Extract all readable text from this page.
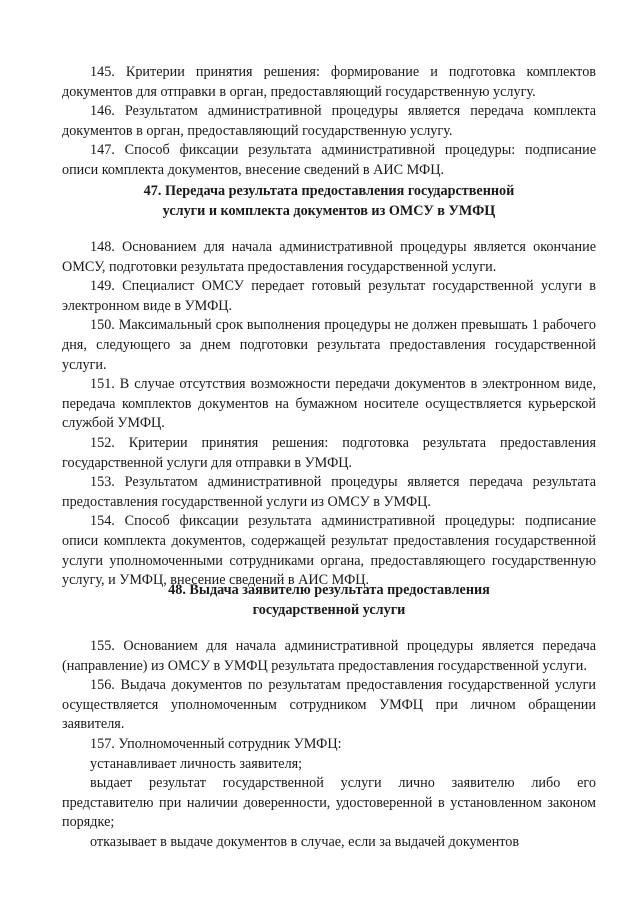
145. Критерии принятия решения: формирование и подготовка комплектов документов для отправки в орган, предоставляющий государственную услугу.

146. Результатом административной процедуры является передача комплекта документов в орган, предоставляющий государственную услугу.

147. Способ фиксации результата административной процедуры: подписание описи комплекта документов, внесение сведений в АИС МФЦ.

47. Передача результата предоставления государственной

услуги и комплекта документов из ОМСУ в УМФЦ

148. Основанием для начала административной процедуры является окончание ОМСУ, подготовки результата предоставления государственной услуги.

149. Специалист ОМСУ передает готовый результат государственной услуги в электронном виде в УМФЦ.

150. Максимальный срок выполнения процедуры не должен превышать 1 рабочего дня, следующего за днем подготовки результата предоставления государственной услуги.

151. В случае отсутствия возможности передачи документов в электронном виде, передача комплектов документов на бумажном носителе осуществляется курьерской службой УМФЦ.

152. Критерии принятия решения: подготовка результата предоставления государственной услуги для отправки в УМФЦ.

153. Результатом административной процедуры является передача результата предоставления государственной услуги из ОМСУ в УМФЦ.

154. Способ фиксации результата административной процедуры: подписание описи комплекта документов, содержащей результат предоставления государственной услуги уполномоченными сотрудниками органа, предоставляющего государственную услугу, и УМФЦ, внесение сведений в АИС МФЦ.

48. Выдача заявителю результата предоставления

государственной услуги

155. Основанием для начала административной процедуры является передача (направление) из ОМСУ в УМФЦ результата предоставления государственной услуги.

156. Выдача документов по результатам предоставления государственной услуги осуществляется уполномоченным сотрудником УМФЦ при личном обращении заявителя.

157. Уполномоченный сотрудник УМФЦ:

устанавливает личность заявителя;

выдает результат государственной услуги лично заявителю либо его представителю при наличии доверенности, удостоверенной в установленном законом порядке;

отказывает в выдаче документов в случае, если за выдачей документов
